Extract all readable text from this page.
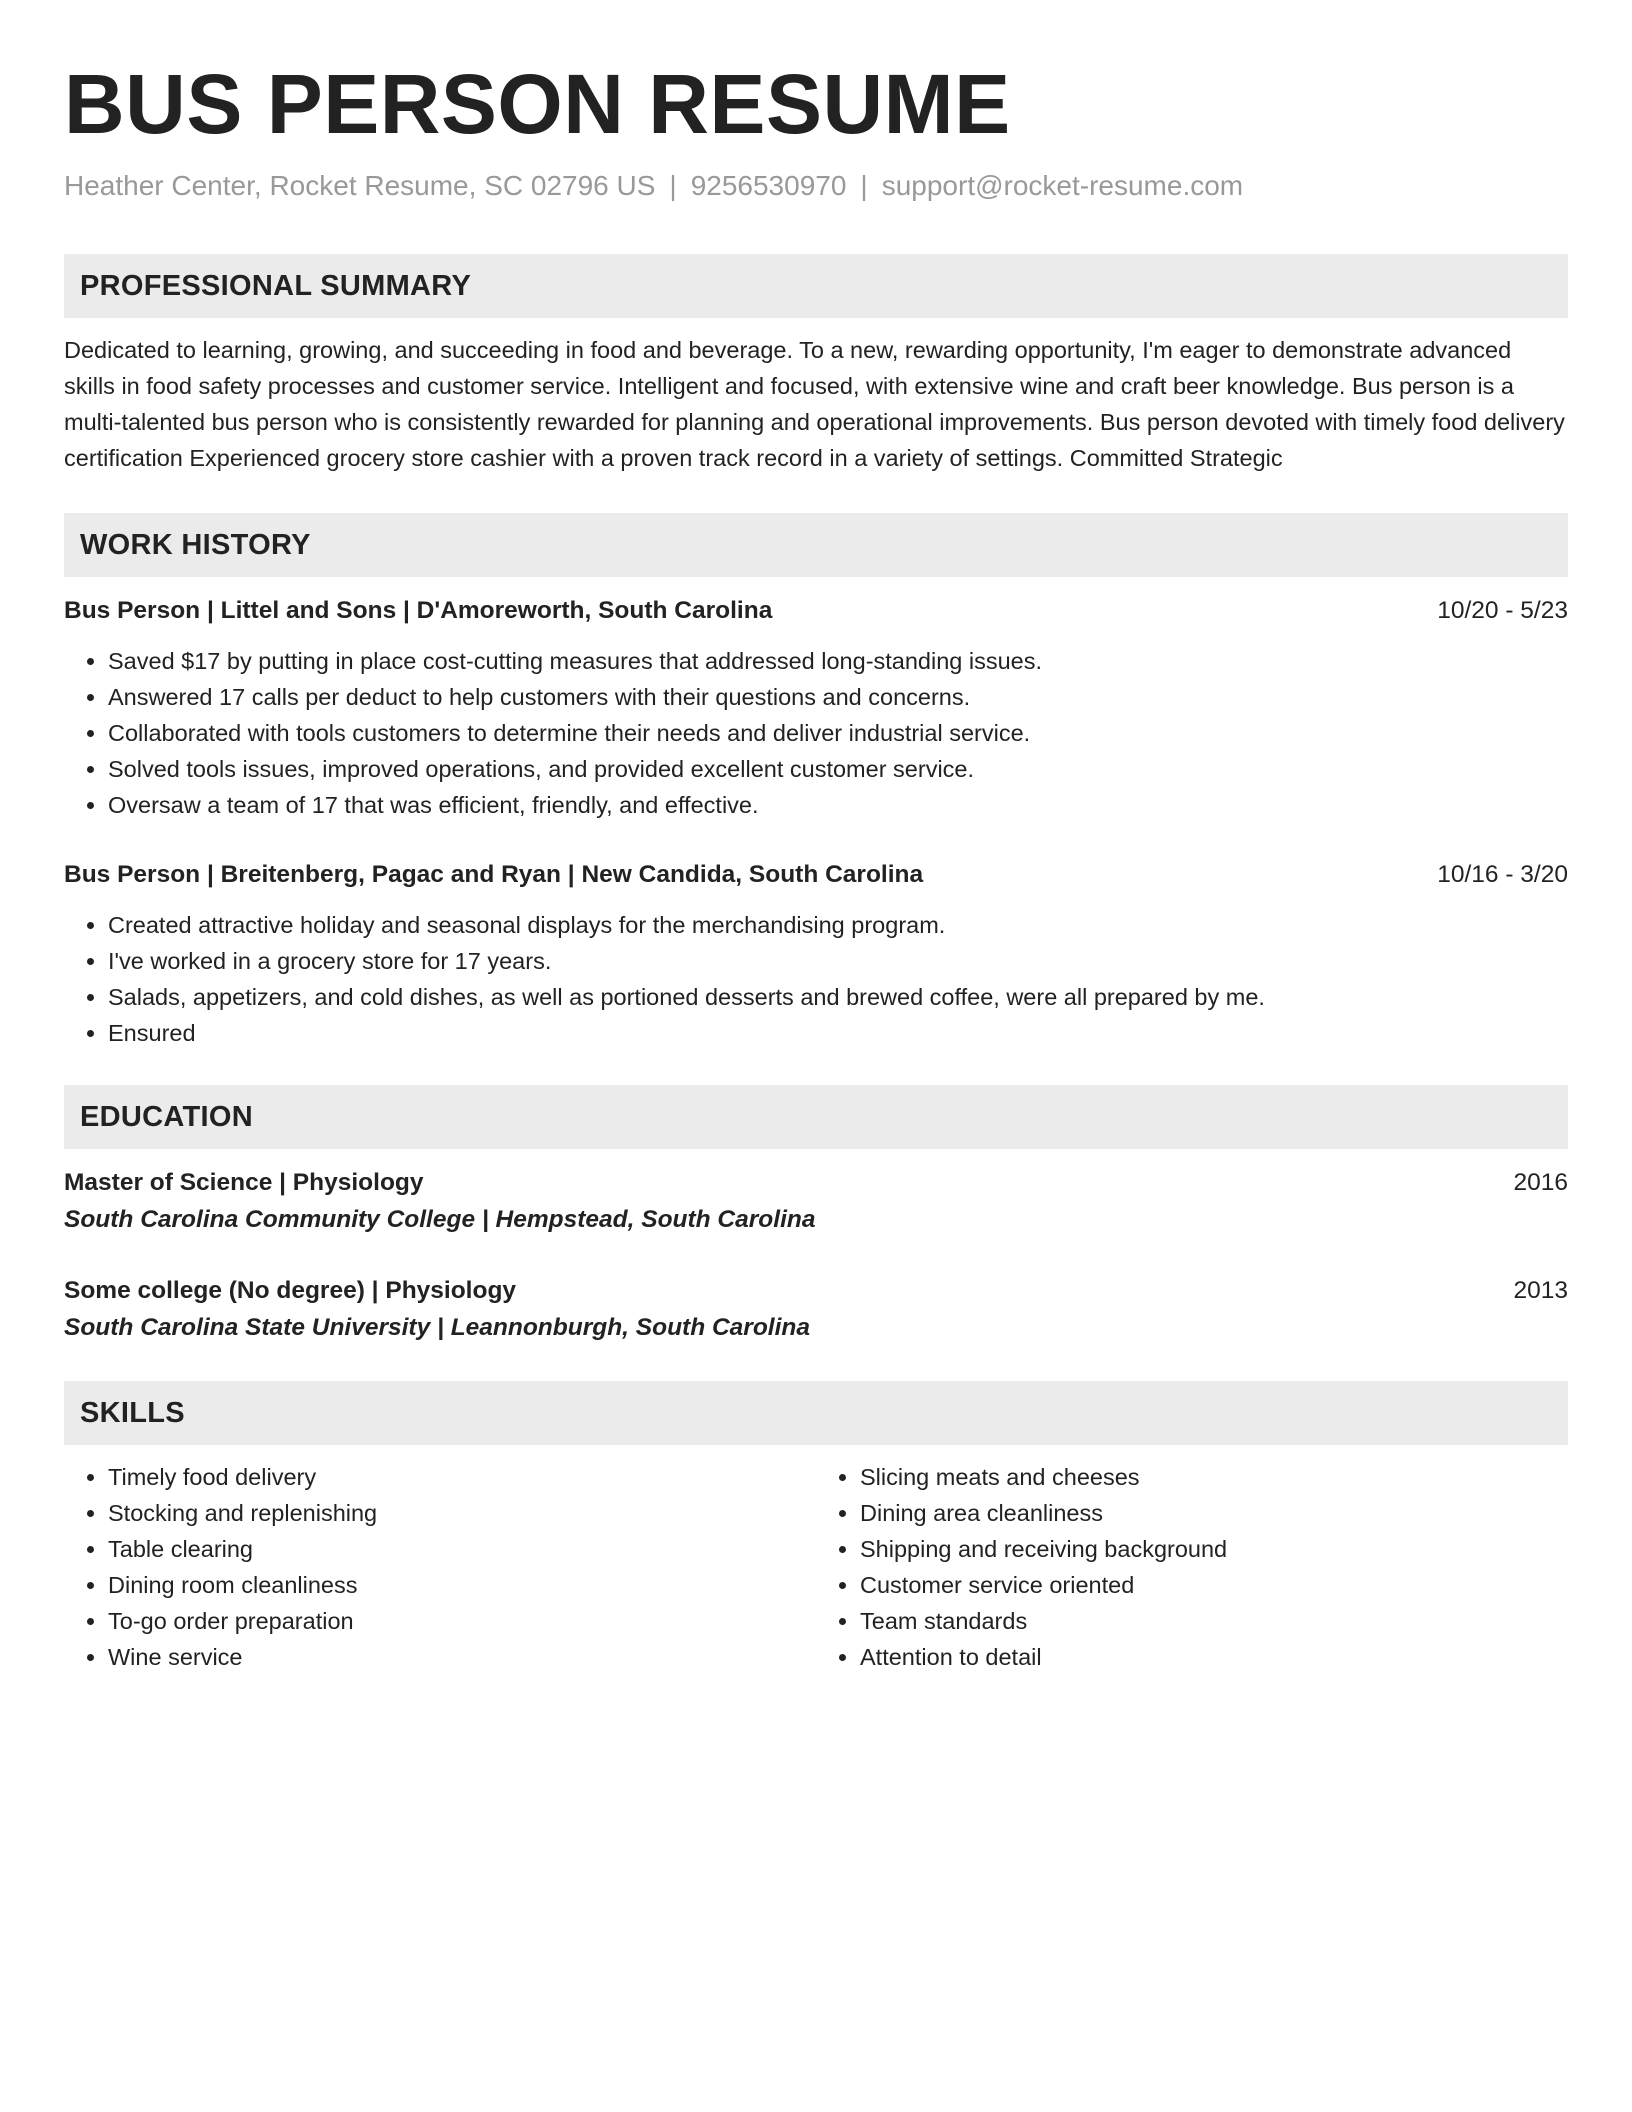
BUS PERSON RESUME
Heather Center, Rocket Resume, SC 02796 US | 9256530970 | support@rocket-resume.com
PROFESSIONAL SUMMARY
Dedicated to learning, growing, and succeeding in food and beverage. To a new, rewarding opportunity, I'm eager to demonstrate advanced skills in food safety processes and customer service. Intelligent and focused, with extensive wine and craft beer knowledge. Bus person is a multi-talented bus person who is consistently rewarded for planning and operational improvements. Bus person devoted with timely food delivery certification Experienced grocery store cashier with a proven track record in a variety of settings. Committed Strategic
WORK HISTORY
Bus Person | Littel and Sons | D'Amoreworth, South Carolina	10/20 - 5/23
• Saved $17 by putting in place cost-cutting measures that addressed long-standing issues.
• Answered 17 calls per deduct to help customers with their questions and concerns.
• Collaborated with tools customers to determine their needs and deliver industrial service.
• Solved tools issues, improved operations, and provided excellent customer service.
• Oversaw a team of 17 that was efficient, friendly, and effective.
Bus Person | Breitenberg, Pagac and Ryan | New Candida, South Carolina	10/16 - 3/20
• Created attractive holiday and seasonal displays for the merchandising program.
• I've worked in a grocery store for 17 years.
• Salads, appetizers, and cold dishes, as well as portioned desserts and brewed coffee, were all prepared by me.
• Ensured
EDUCATION
Master of Science | Physiology	2016
South Carolina Community College | Hempstead, South Carolina
Some college (No degree) | Physiology	2013
South Carolina State University | Leannonburgh, South Carolina
SKILLS
• Timely food delivery
• Stocking and replenishing
• Table clearing
• Dining room cleanliness
• To-go order preparation
• Wine service
• Slicing meats and cheeses
• Dining area cleanliness
• Shipping and receiving background
• Customer service oriented
• Team standards
• Attention to detail
